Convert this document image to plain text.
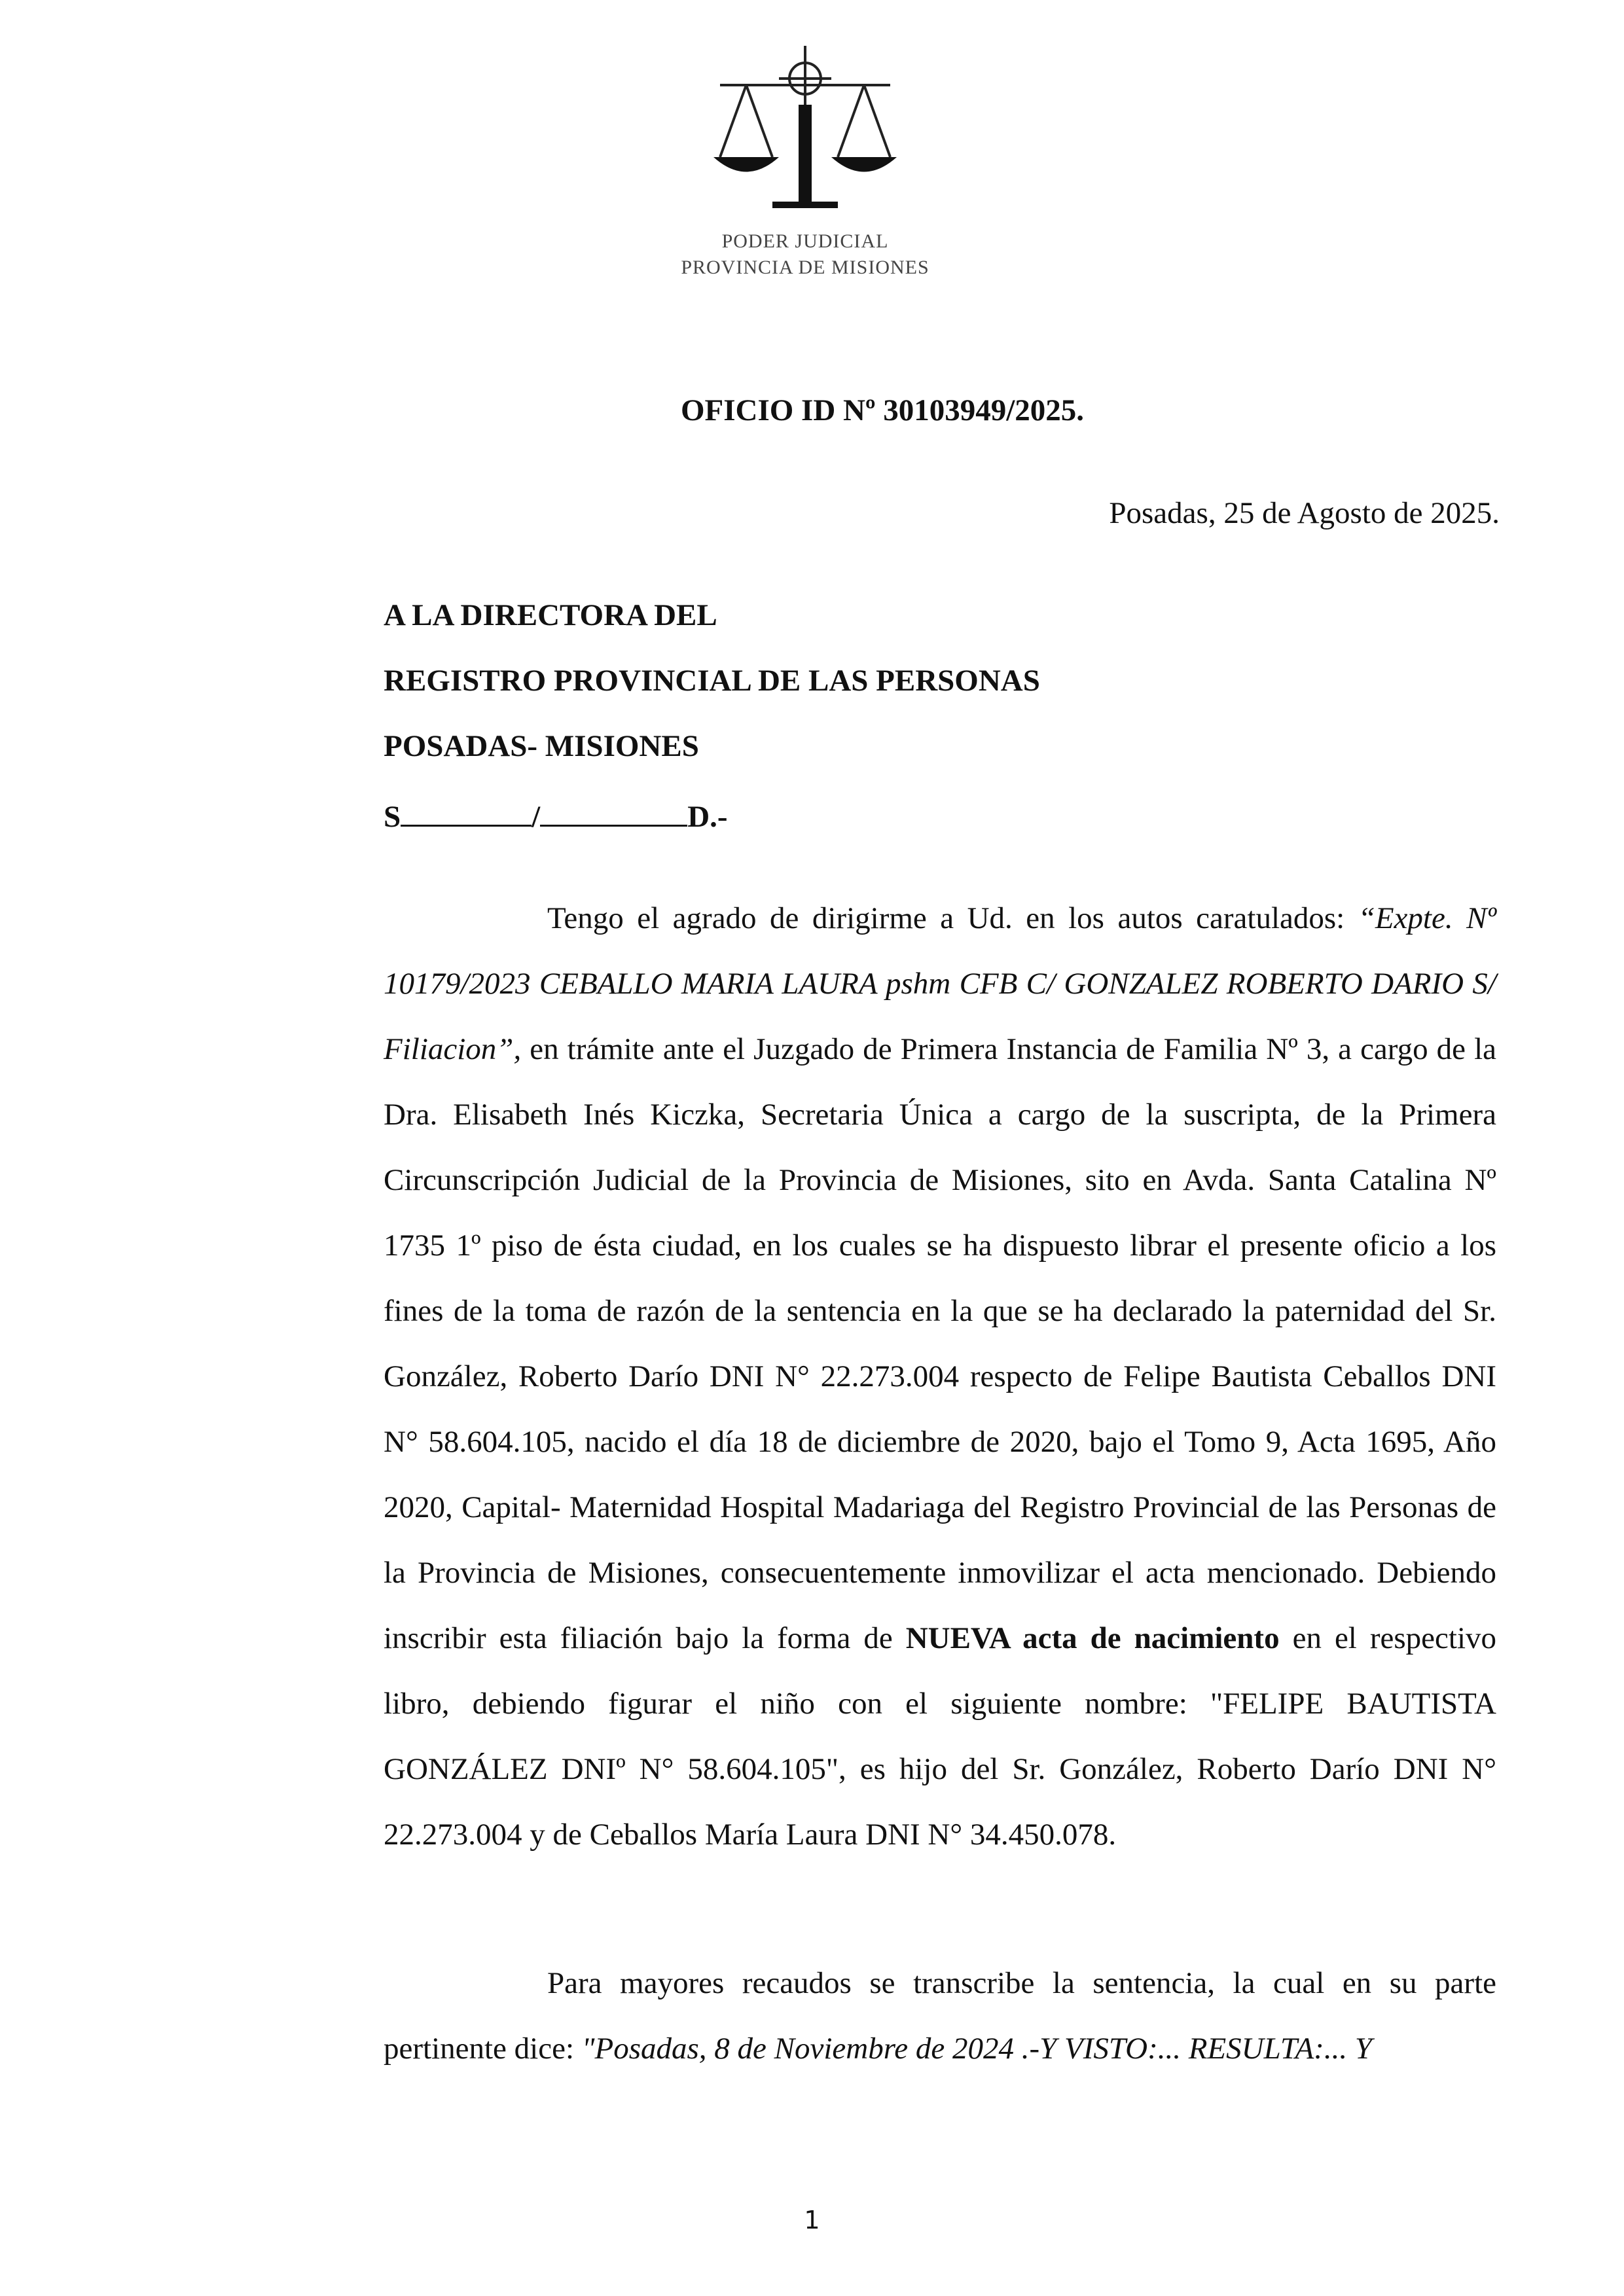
PODER JUDICIAL
PROVINCIA DE MISIONES
OFICIO ID Nº 30103949/2025.
Posadas, 25 de Agosto de 2025.
A LA DIRECTORA DEL
REGISTRO PROVINCIAL DE LAS PERSONAS
POSADAS- MISIONES
S	/	D.-

Tengo el agrado de dirigirme a Ud. en los autos caratulados: “Expte. Nº 10179/2023 CEBALLO MARIA LAURA pshm CFB C/ GONZALEZ ROBERTO DARIO S/ Filiacion”, en trámite ante el Juzgado de Primera Instancia de Familia Nº 3, a cargo de la Dra. Elisabeth Inés Kiczka, Secretaria Única a cargo de la suscripta, de la Primera Circunscripción Judicial de la Provincia de Misiones, sito en Avda. Santa Catalina Nº 1735 1º piso de ésta ciudad, en los cuales se ha dispuesto librar el presente oficio a los fines de la toma de razón de la sentencia en la que se ha declarado la paternidad del Sr. González, Roberto Darío DNI N° 22.273.004 respecto de Felipe Bautista Ceballos DNI N° 58.604.105, nacido el día 18 de diciembre de 2020, bajo el Tomo 9, Acta 1695, Año 2020, Capital- Maternidad Hospital Madariaga del Registro Provincial de las Personas de la Provincia de Misiones, consecuentemente inmovilizar el acta mencionado. Debiendo inscribir esta filiación bajo la forma de NUEVA acta de nacimiento en el respectivo libro, debiendo figurar el niño con el siguiente nombre: "FELIPE BAUTISTA GONZÁLEZ DNIº N° 58.604.105", es hijo del Sr. González, Roberto Darío DNI N° 22.273.004 y de Ceballos María Laura DNI N° 34.450.078.

Para mayores recaudos se transcribe la sentencia, la cual en su parte pertinente dice: "Posadas, 8 de Noviembre de 2024 .-Y VISTO:... RESULTA:... Y

1
